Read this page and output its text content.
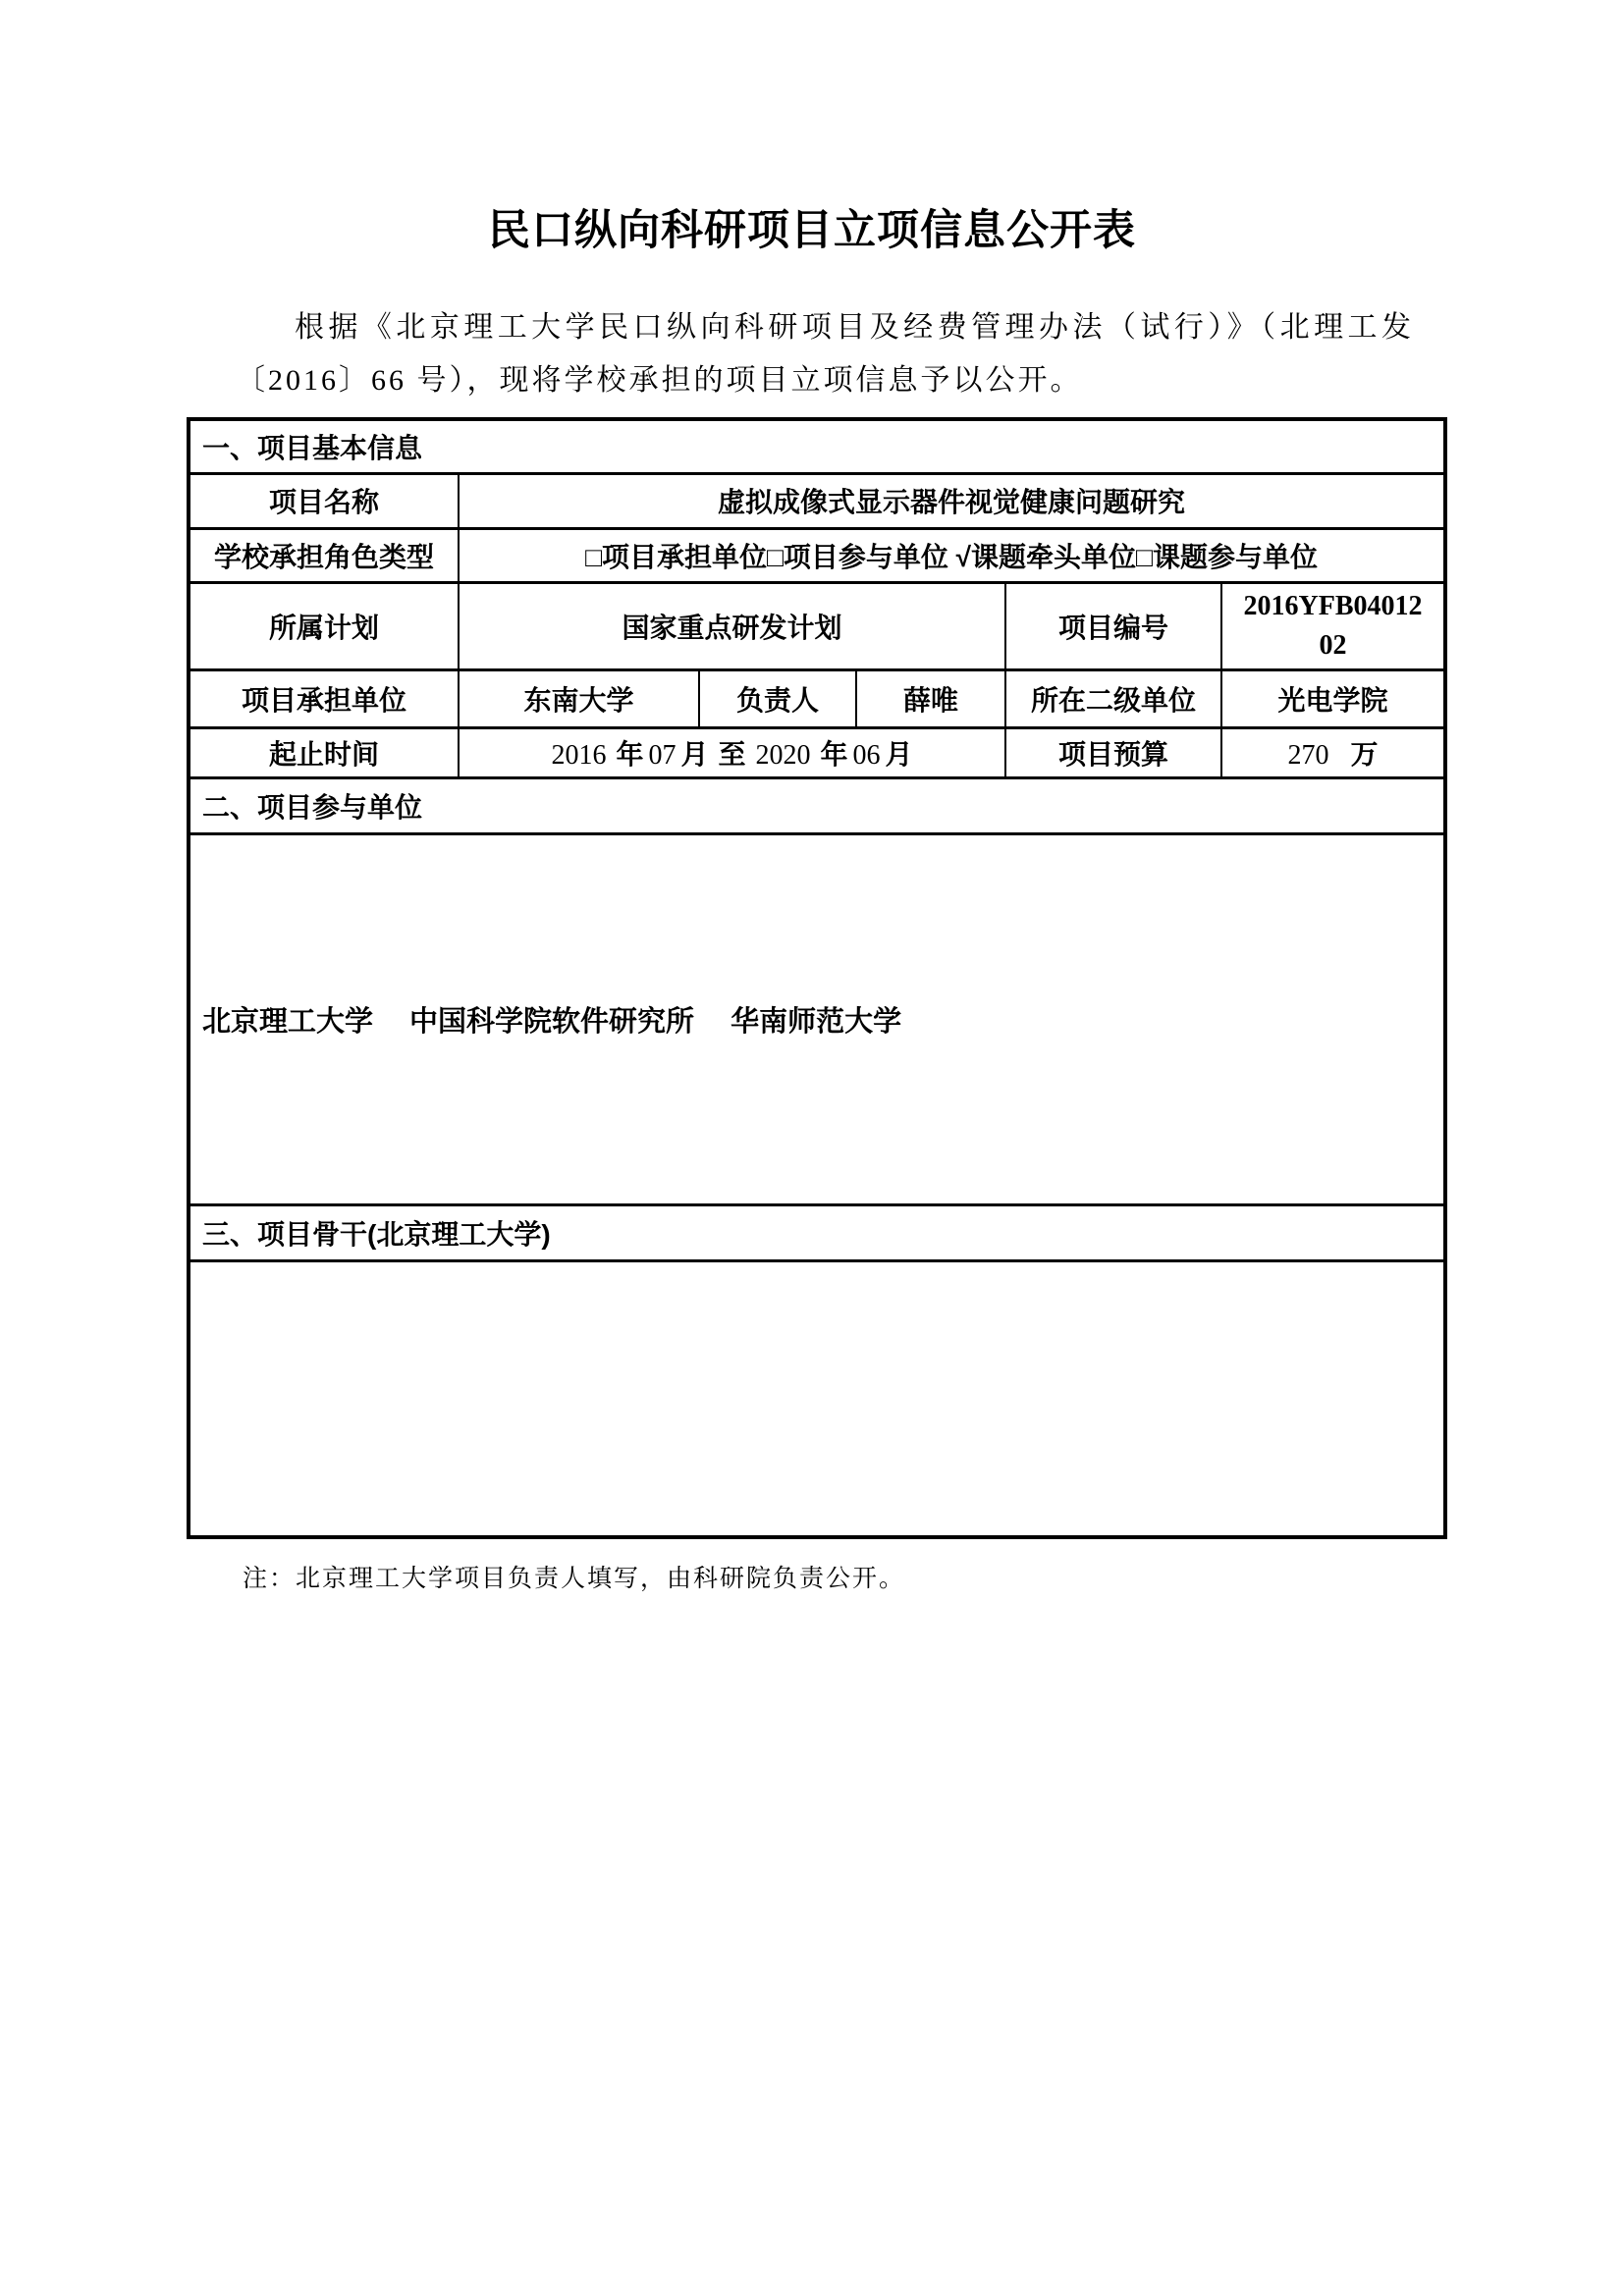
民口纵向科研项目立项信息公开表

根据《北京理工大学民口纵向科研项目及经费管理办法（试行）》（北理工发〔2016〕66 号），现将学校承担的项目立项信息予以公开。

一、项目基本信息					
项目名称	虚拟成像式显示器件视觉健康问题研究				
学校承担角色类型	□项目承担单位□项目参与单位 √课题牵头单位□课题参与单位				
所属计划	国家重点研发计划			项目编号	2016YFB04012
02

项目承担单位	东南大学	负责人	薛唯	所在二级单位	光电学院
起止时间	2016 年 07 月 至 2020 年 06 月			项目预算	270 万
二、项目参与单位					
北京理工大学　 中国科学院软件研究所　 华南师范大学					
三、项目骨干(北京理工大学)					

注：北京理工大学项目负责人填写，由科研院负责公开。
